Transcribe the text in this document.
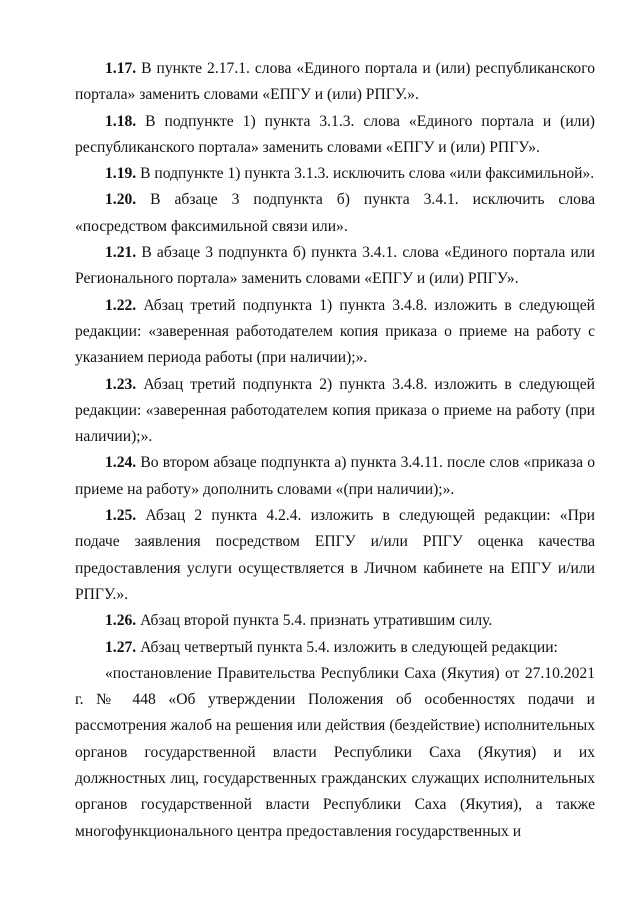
1.17. В пункте 2.17.1. слова «Единого портала и (или) республиканского портала» заменить словами «ЕПГУ и (или) РПГУ.».

1.18. В подпункте 1) пункта 3.1.3. слова «Единого портала и (или) республиканского портала» заменить словами «ЕПГУ и (или) РПГУ».

1.19. В подпункте 1) пункта 3.1.3. исключить слова «или факсимильной».

1.20. В абзаце 3 подпункта б) пункта 3.4.1. исключить слова «посредством факсимильной связи или».

1.21. В абзаце 3 подпункта б) пункта 3.4.1. слова «Единого портала или Регионального портала» заменить словами «ЕПГУ и (или) РПГУ».

1.22. Абзац третий подпункта 1) пункта 3.4.8. изложить в следующей редакции: «заверенная работодателем копия приказа о приеме на работу с указанием периода работы (при наличии);».

1.23. Абзац третий подпункта 2) пункта 3.4.8. изложить в следующей редакции: «заверенная работодателем копия приказа о приеме на работу (при наличии);».

1.24. Во втором абзаце подпункта а) пункта 3.4.11. после слов «приказа о приеме на работу» дополнить словами «(при наличии);».

1.25. Абзац 2 пункта 4.2.4. изложить в следующей редакции: «При подаче заявления посредством ЕПГУ и/или РПГУ оценка качества предоставления услуги осуществляется в Личном кабинете на ЕПГУ и/или РПГУ.».

1.26. Абзац второй пункта 5.4. признать утратившим силу.

1.27. Абзац четвертый пункта 5.4. изложить в следующей редакции:

«постановление Правительства Республики Саха (Якутия) от 27.10.2021 г. № 448 «Об утверждении Положения об особенностях подачи и рассмотрения жалоб на решения или действия (бездействие) исполнительных органов государственной власти Республики Саха (Якутия) и их должностных лиц, государственных гражданских служащих исполнительных органов государственной власти Республики Саха (Якутия), а также многофункционального центра предоставления государственных и
